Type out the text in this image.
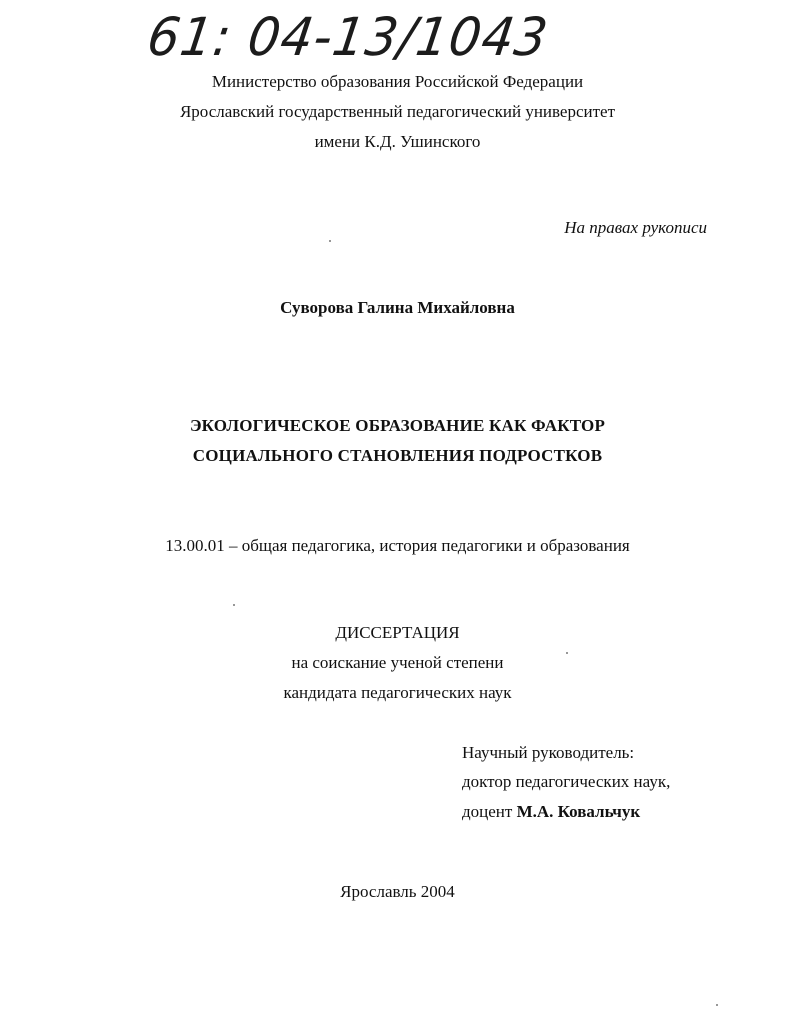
61: 04-13/1043
Министерство образования Российской Федерации
Ярославский государственный педагогический университет
имени К.Д. Ушинского
На правах рукописи
Суворова Галина Михайловна
ЭКОЛОГИЧЕСКОЕ ОБРАЗОВАНИЕ КАК ФАКТОР
СОЦИАЛЬНОГО СТАНОВЛЕНИЯ ПОДРОСТКОВ
13.00.01 – общая педагогика, история педагогики и образования
ДИССЕРТАЦИЯ
на соискание ученой степени
кандидата педагогических наук
Научный руководитель:
доктор педагогических наук,
доцент М.А. Ковальчук
Ярославль 2004
